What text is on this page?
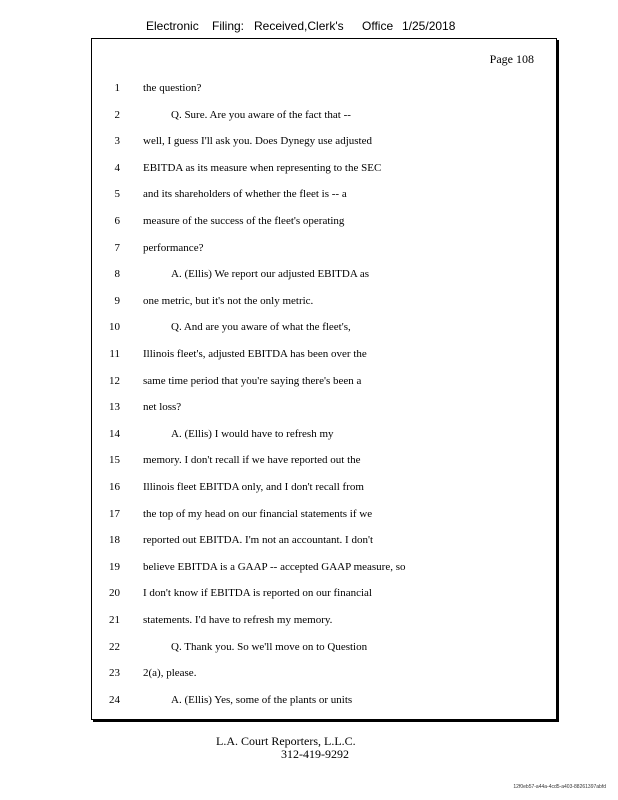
Electronic Filing: Received,Clerk's Office 1/25/2018
Page 108
1 the question?
2	Q. Sure. Are you aware of the fact that --
3 well, I guess I'll ask you. Does Dynegy use adjusted
4 EBITDA as its measure when representing to the SEC
5 and its shareholders of whether the fleet is -- a
6 measure of the success of the fleet's operating
7 performance?
8	A. (Ellis) We report our adjusted EBITDA as
9 one metric, but it's not the only metric.
10	Q. And are you aware of what the fleet's,
11 Illinois fleet's, adjusted EBITDA has been over the
12 same time period that you're saying there's been a
13 net loss?
14	A. (Ellis) I would have to refresh my
15 memory. I don't recall if we have reported out the
16 Illinois fleet EBITDA only, and I don't recall from
17 the top of my head on our financial statements if we
18 reported out EBITDA. I'm not an accountant. I don't
19 believe EBITDA is a GAAP -- accepted GAAP measure, so
20 I don't know if EBITDA is reported on our financial
21 statements. I'd have to refresh my memory.
22	Q. Thank you. So we'll move on to Question
23 2(a), please.
24	A. (Ellis) Yes, some of the plants or units
L.A. Court Reporters, L.L.C.
312-419-9292
12f0eb57-a44a-4cd5-a403-88261397abfd
